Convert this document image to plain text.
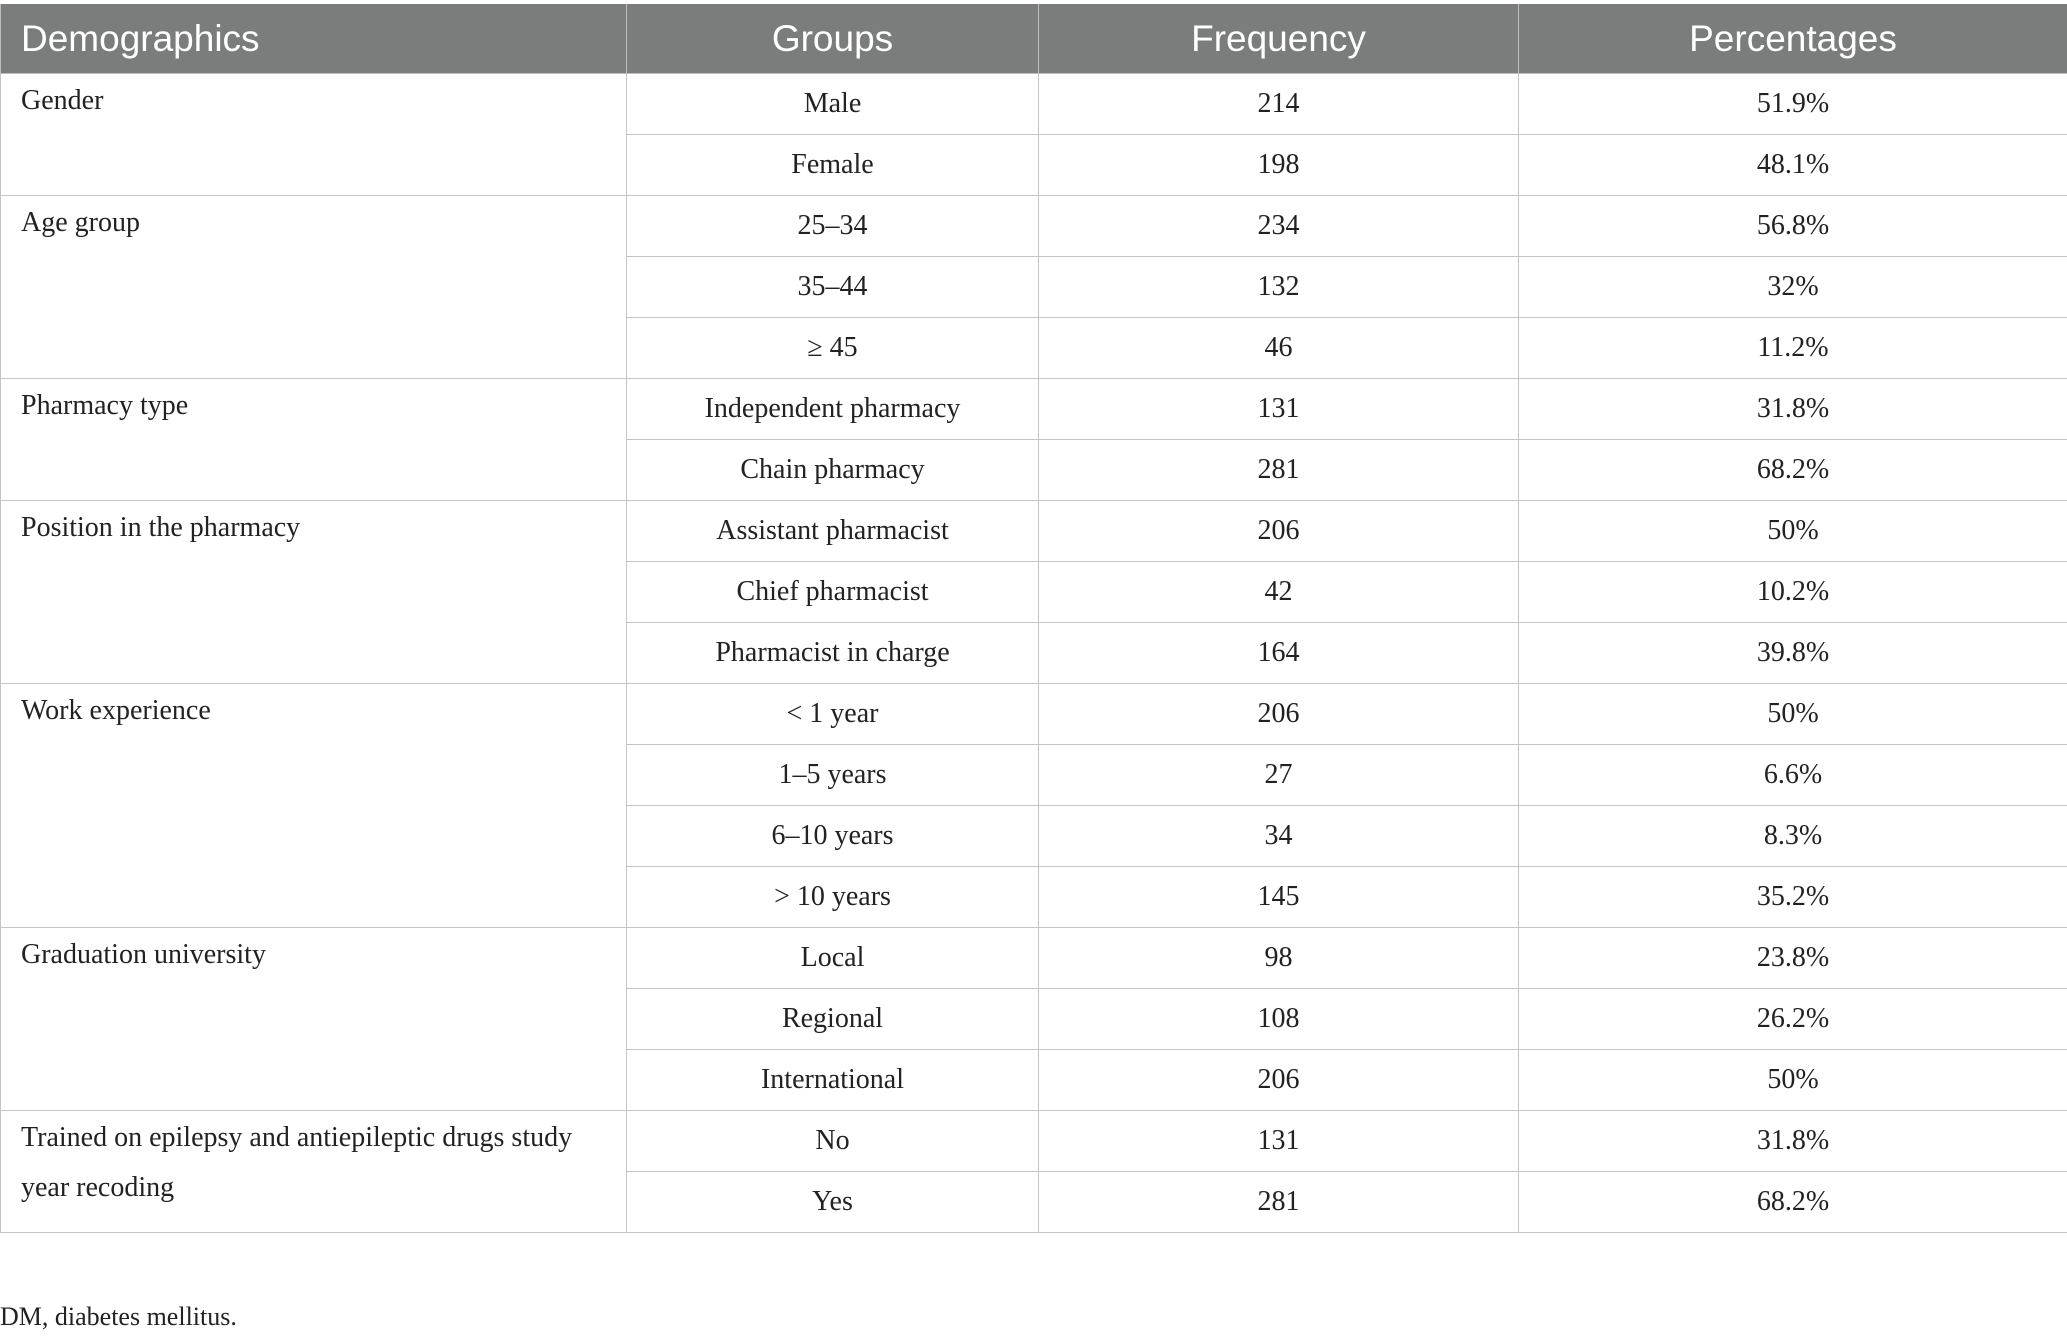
Demographics	Groups	Frequency	Percentages

Gender	Male	214	51.9%
	Female	198	48.1%

Age group	25–34	234	56.8%
	35–44	132	32%
	≥ 45	46	11.2%

Pharmacy type	Independent pharmacy	131	31.8%
	Chain pharmacy	281	68.2%

Position in the pharmacy	Assistant pharmacist	206	50%
	Chief pharmacist	42	10.2%
	Pharmacist in charge	164	39.8%

Work experience	< 1 year	206	50%
	1–5 years	27	6.6%
	6–10 years	34	8.3%
	> 10 years	145	35.2%

Graduation university	Local	98	23.8%
	Regional	108	26.2%
	International	206	50%

Trained on epilepsy and antiepileptic drugs study year recoding	No	131	31.8%
	Yes	281	68.2%
DM, diabetes mellitus.
